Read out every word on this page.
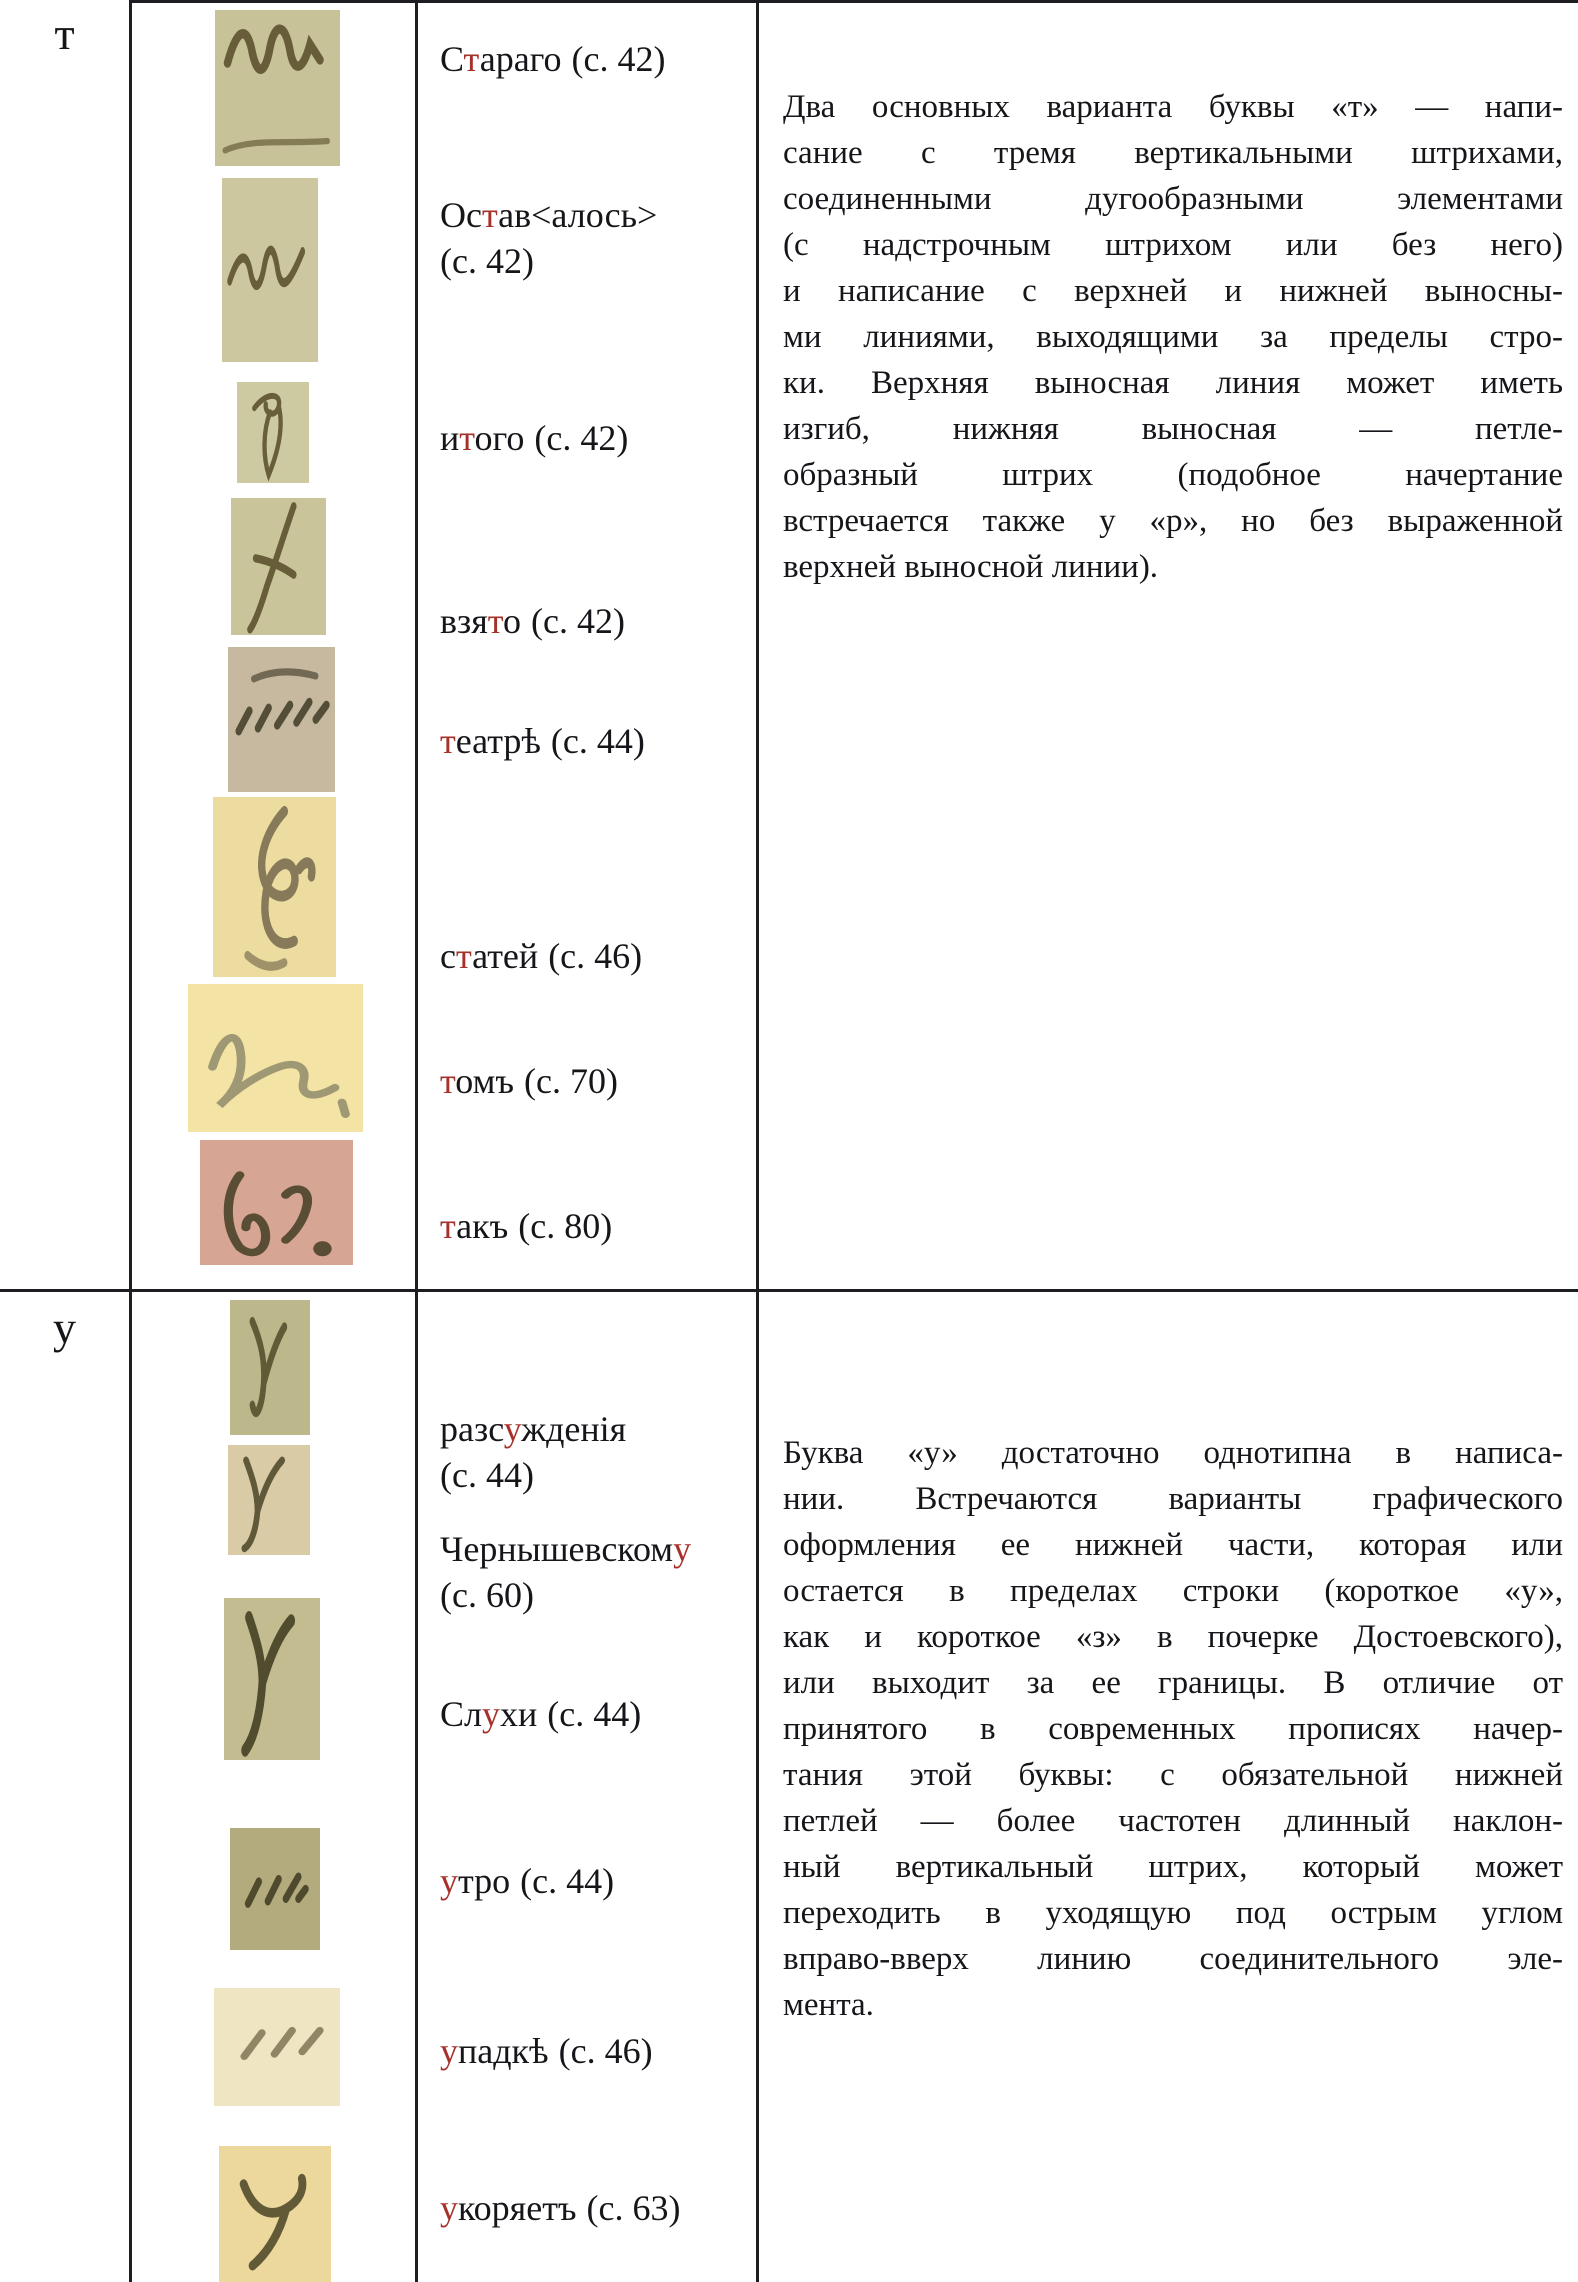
т	Стараго (с. 42)
Остав<алось>
(с. 42)
итого (с. 42)
взято (с. 42)
театрѣ (с. 44)
статей (с. 46)
томъ (с. 70)
такъ (с. 80)
Два основных варианта буквы «т» — напи-
сание с тремя вертикальными штрихами,
соединенными дугообразными элементами
(с надстрочным штрихом или без него)
и написание с верхней и нижней выносны-
ми линиями, выходящими за пределы стро-
ки. Верхняя выносная линия может иметь
изгиб, нижняя выносная — петле-
образный штрих (подобное начертание
встречается также у «р», но без выраженной
верхней выносной линии).
у
разсужденія
(с. 44)
Чернышевскому
(с. 60)
Слухи (с. 44)
утро (с. 44)
упадкѣ (с. 46)
укоряетъ (с. 63)
Буква «у» достаточно однотипна в написа-
нии. Встречаются варианты графического
оформления ее нижней части, которая или
остается в пределах строки (короткое «у»,
как и короткое «з» в почерке Достоевского),
или выходит за ее границы. В отличие от
принятого в современных прописях начер-
тания этой буквы: с обязательной нижней
петлей — более частотен длинный наклон-
ный вертикальный штрих, который может
переходить в уходящую под острым углом
вправо-вверх линию соединительного эле-
мента.
